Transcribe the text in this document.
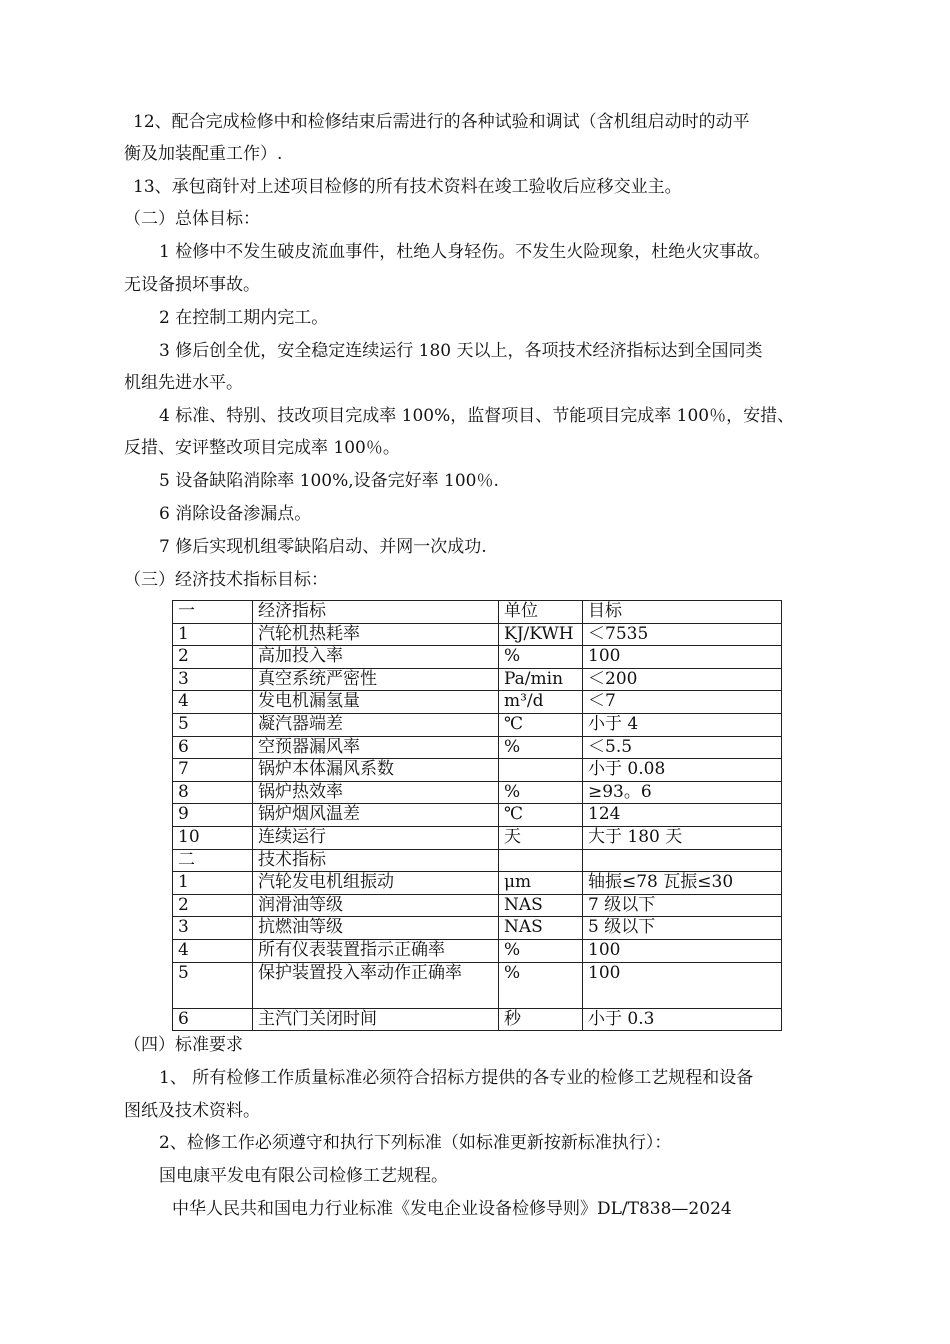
12、配合完成检修中和检修结束后需进行的各种试验和调试（含机组启动时的动平
衡及加装配重工作）.
13、承包商针对上述项目检修的所有技术资料在竣工验收后应移交业主。
（二）总体目标：
1 检修中不发生破皮流血事件，杜绝人身轻伤。不发生火险现象，杜绝火灾事故。
无设备损坏事故。
2 在控制工期内完工。
3 修后创全优，安全稳定连续运行 180 天以上，各项技术经济指标达到全国同类
机组先进水平。
4 标准、特别、技改项目完成率 100%，监督项目、节能项目完成率 100％，安措、
反措、安评整改项目完成率 100％。
5 设备缺陷消除率 100%,设备完好率 100％.
6 消除设备渗漏点。
7 修后实现机组零缺陷启动、并网一次成功.
（三）经济技术指标目标：
一	经济指标	单位	目标
1	汽轮机热耗率	KJ/KWH	＜7535
2	高加投入率	%	100
3	真空系统严密性	Pa/min	＜200
4	发电机漏氢量	m³/d	＜7
5	凝汽器端差	℃	小于 4
6	空预器漏风率	%	＜5.5
7	锅炉本体漏风系数		小于 0.08
8	锅炉热效率	%	≥93。6
9	锅炉烟风温差	℃	124
10	连续运行	天	大于 180 天
二	技术指标		
1	汽轮发电机组振动	μm	轴振≤78 瓦振≤30
2	润滑油等级	NAS	7 级以下
3	抗燃油等级	NAS	5 级以下
4	所有仪表装置指示正确率	%	100
5	保护装置投入率动作正确率	%	100
6	主汽门关闭时间	秒	小于 0.3
（四）标准要求
1、 所有检修工作质量标准必须符合招标方提供的各专业的检修工艺规程和设备
图纸及技术资料。
2、检修工作必须遵守和执行下列标准（如标准更新按新标准执行）：
国电康平发电有限公司检修工艺规程。
中华人民共和国电力行业标准《发电企业设备检修导则》DL/T838—2024
